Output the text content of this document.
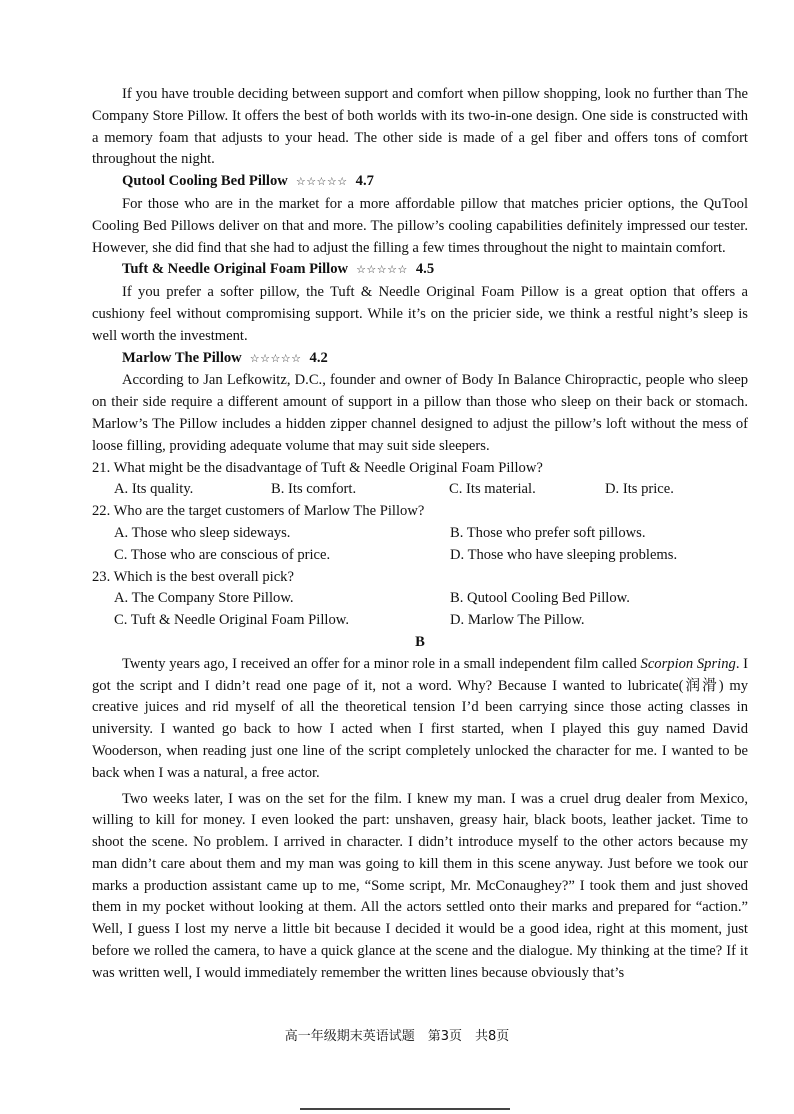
If you have trouble deciding between support and comfort when pillow shopping, look no further than The Company Store Pillow. It offers the best of both worlds with its two-in-one design. One side is constructed with a memory foam that adjusts to your head. The other side is made of a gel fiber and offers tons of comfort throughout the night.

Qutool Cooling Bed Pillow ☆☆☆☆☆ 4.7

For those who are in the market for a more affordable pillow that matches pricier options, the QuTool Cooling Bed Pillows deliver on that and more. The pillow’s cooling capabilities definitely impressed our tester. However, she did find that she had to adjust the filling a few times throughout the night to maintain comfort.

Tuft & Needle Original Foam Pillow ☆☆☆☆☆ 4.5

If you prefer a softer pillow, the Tuft & Needle Original Foam Pillow is a great option that offers a cushiony feel without compromising support. While it’s on the pricier side, we think a restful night’s sleep is well worth the investment.

Marlow The Pillow ☆☆☆☆☆ 4.2

According to Jan Lefkowitz, D.C., founder and owner of Body In Balance Chiropractic, people who sleep on their side require a different amount of support in a pillow than those who sleep on their back or stomach. Marlow’s The Pillow includes a hidden zipper channel designed to adjust the pillow’s loft without the mess of loose filling, providing adequate volume that may suit side sleepers.

21. What might be the disadvantage of Tuft & Needle Original Foam Pillow?

A. Its quality.	B. Its comfort.	C. Its material.	D. Its price.

22. Who are the target customers of Marlow The Pillow?

A. Those who sleep sideways.	B. Those who prefer soft pillows.
C. Those who are conscious of price.	D. Those who have sleeping problems.

23. Which is the best overall pick?

A. The Company Store Pillow.	B. Qutool Cooling Bed Pillow.
C. Tuft & Needle Original Foam Pillow.	D. Marlow The Pillow.

B

Twenty years ago, I received an offer for a minor role in a small independent film called Scorpion Spring. I got the script and I didn’t read one page of it, not a word. Why? Because I wanted to lubricate(润滑) my creative juices and rid myself of all the theoretical tension I’d been carrying since those acting classes in university. I wanted go back to how I acted when I first started, when I played this guy named David Wooderson, when reading just one line of the script completely unlocked the character for me. I wanted to be back when I was a natural, a free actor.

Two weeks later, I was on the set for the film. I knew my man. I was a cruel drug dealer from Mexico, willing to kill for money. I even looked the part: unshaven, greasy hair, black boots, leather jacket. Time to shoot the scene. No problem. I arrived in character. I didn’t introduce myself to the other actors because my man didn’t care about them and my man was going to kill them in this scene anyway. Just before we took our marks a production assistant came up to me, “Some script, Mr. McConaughey?” I took them and just shoved them in my pocket without looking at them. All the actors settled onto their marks and prepared for “action.” Well, I guess I lost my nerve a little bit because I decided it would be a good idea, right at this moment, just before we rolled the camera, to have a quick glance at the scene and the dialogue. My thinking at the time? If it was written well, I would immediately remember the written lines because obviously that’s

高一年级期末英语试题　第3页　共8页
